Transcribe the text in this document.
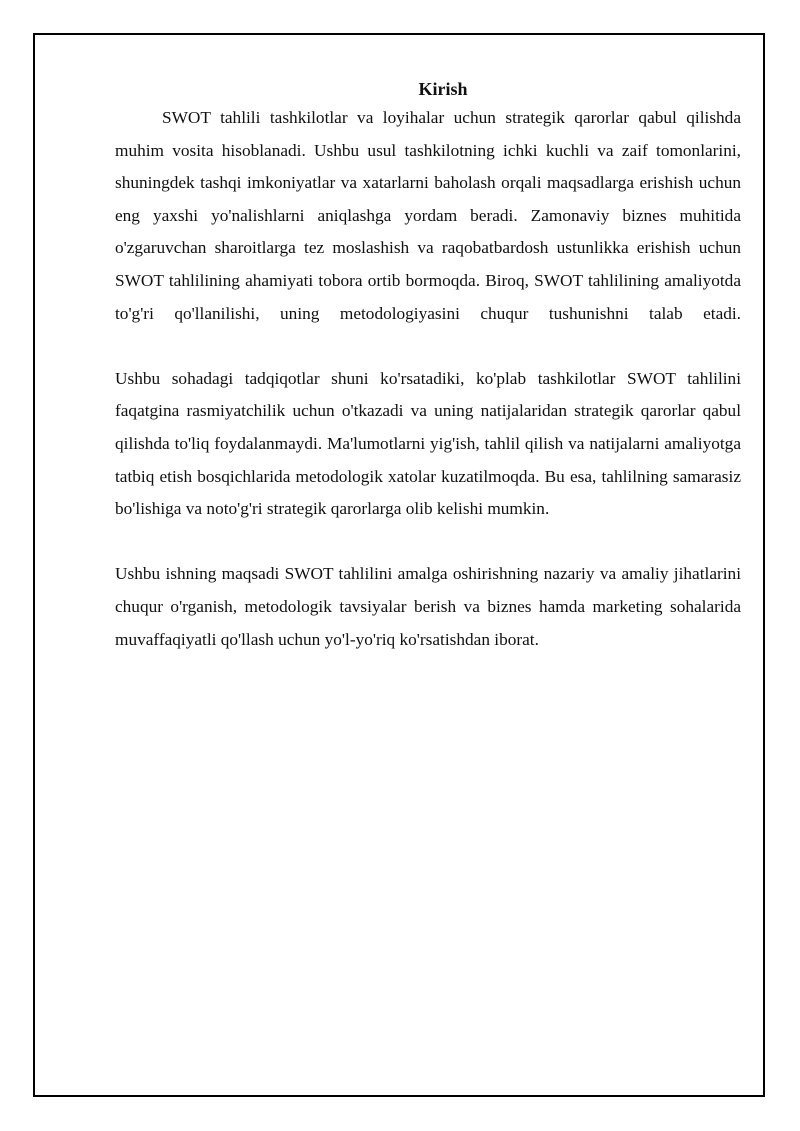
Kirish

SWOT tahlili tashkilotlar va loyihalar uchun strategik qarorlar qabul qilishda muhim vosita hisoblanadi. Ushbu usul tashkilotning ichki kuchli va zaif tomonlarini, shuningdek tashqi imkoniyatlar va xatarlarni baholash orqali maqsadlarga erishish uchun eng yaxshi yo'nalishlarni aniqlashga yordam beradi. Zamonaviy biznes muhitida o'zgaruvchan sharoitlarga tez moslashish va raqobatbardosh ustunlikka erishish uchun SWOT tahlilining ahamiyati tobora ortib bormoqda. Biroq, SWOT tahlilining amaliyotda to'g'ri qo'llanilishi, uning metodologiyasini chuqur tushunishni talab etadi.

Ushbu sohadagi tadqiqotlar shuni ko'rsatadiki, ko'plab tashkilotlar SWOT tahlilini faqatgina rasmiyatchilik uchun o'tkazadi va uning natijalaridan strategik qarorlar qabul qilishda to'liq foydalanmaydi. Ma'lumotlarni yig'ish, tahlil qilish va natijalarni amaliyotga tatbiq etish bosqichlarida metodologik xatolar kuzatilmoqda. Bu esa, tahlilning samarasiz bo'lishiga va noto'g'ri strategik qarorlarga olib kelishi mumkin.

Ushbu ishning maqsadi SWOT tahlilini amalga oshirishning nazariy va amaliy jihatlarini chuqur o'rganish, metodologik tavsiyalar berish va biznes hamda marketing sohalarida muvaffaqiyatli qo'llash uchun yo'l-yo'riq ko'rsatishdan iborat.
